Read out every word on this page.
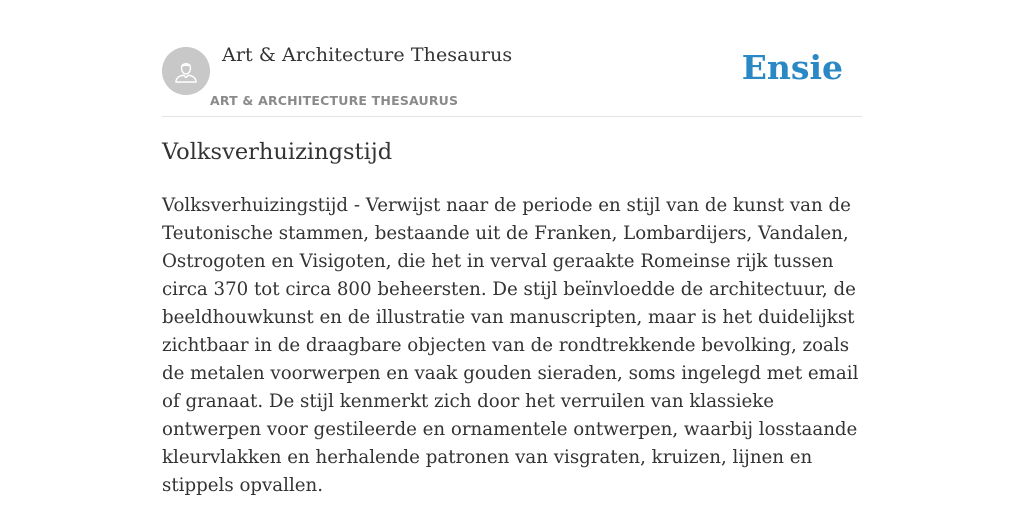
Art & Architecture Thesaurus
ART & ARCHITECTURE THESAURUS
Ensie
Volksverhuizingstijd

Volksverhuizingstijd - Verwijst naar de periode en stijl van de kunst van de Teutonische stammen, bestaande uit de Franken, Lombardijers, Vandalen, Ostrogoten en Visigoten, die het in verval geraakte Romeinse rijk tussen circa 370 tot circa 800 beheersten. De stijl beïnvloedde de architectuur, de beeldhouwkunst en de illustratie van manuscripten, maar is het duidelijkst zichtbaar in de draagbare objecten van de rondtrekkende bevolking, zoals de metalen voorwerpen en vaak gouden sieraden, soms ingelegd met email of granaat. De stijl kenmerkt zich door het verruilen van klassieke ontwerpen voor gestileerde en ornamentele ontwerpen, waarbij losstaande kleurvlakken en herhalende patronen van visgraten, kruizen, lijnen en stippels opvallen.
